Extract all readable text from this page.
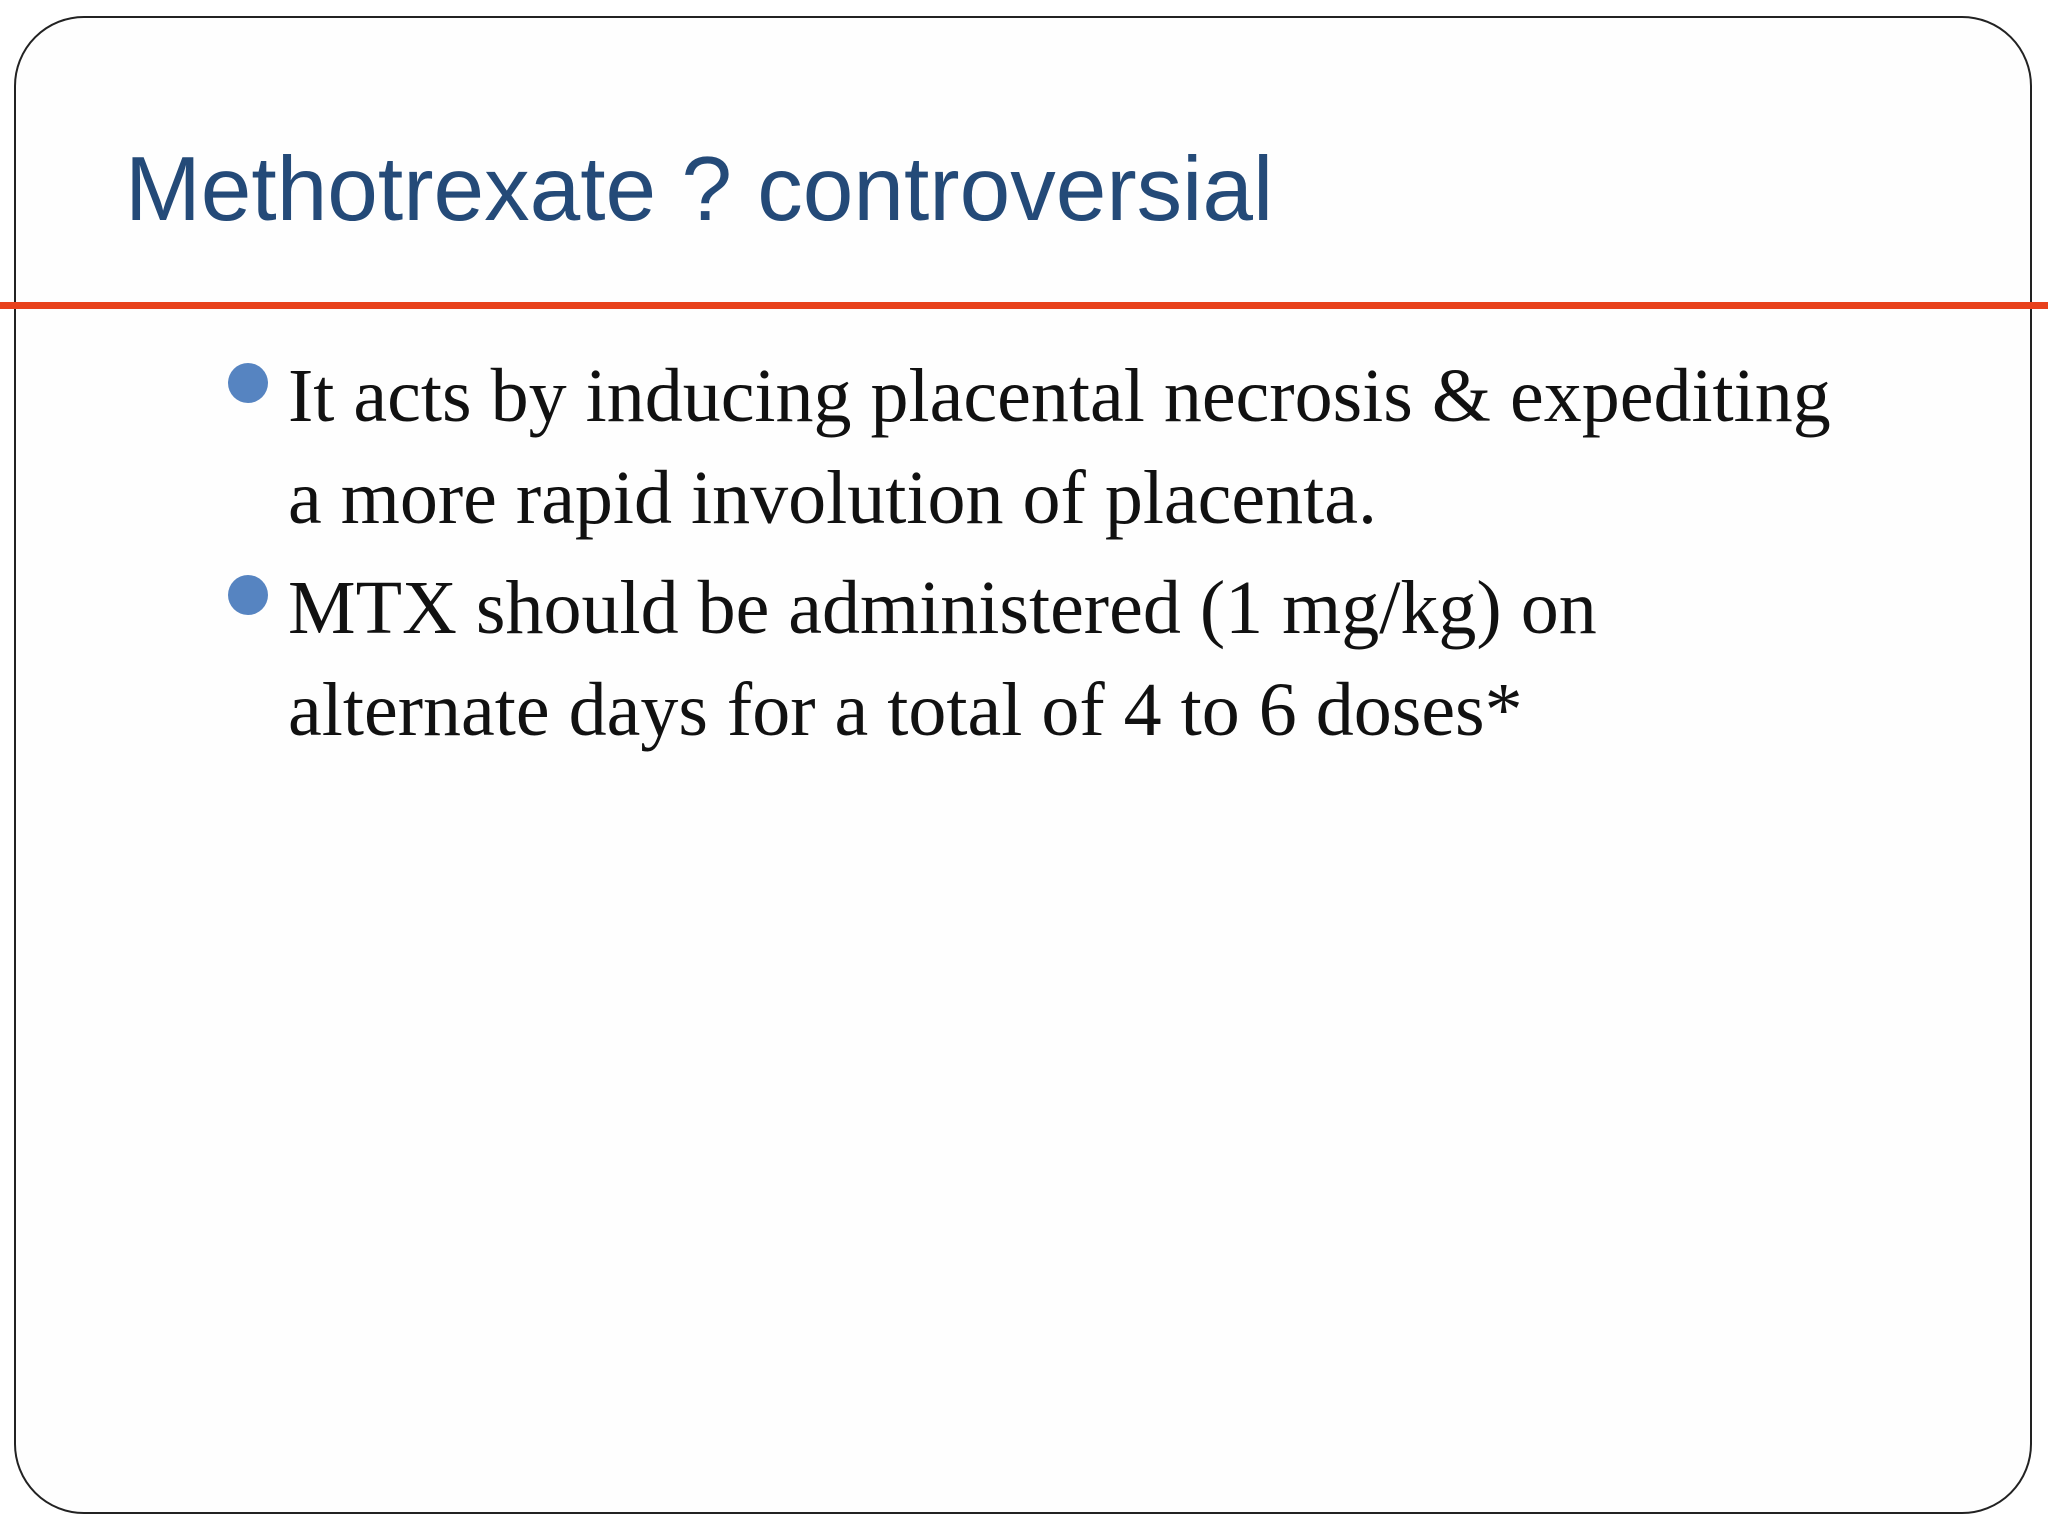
Methotrexate ? controversial
It acts by inducing placental necrosis & expediting
a more rapid involution of placenta.
MTX should be administered (1 mg/kg) on
alternate days for a total of 4 to 6 doses*
